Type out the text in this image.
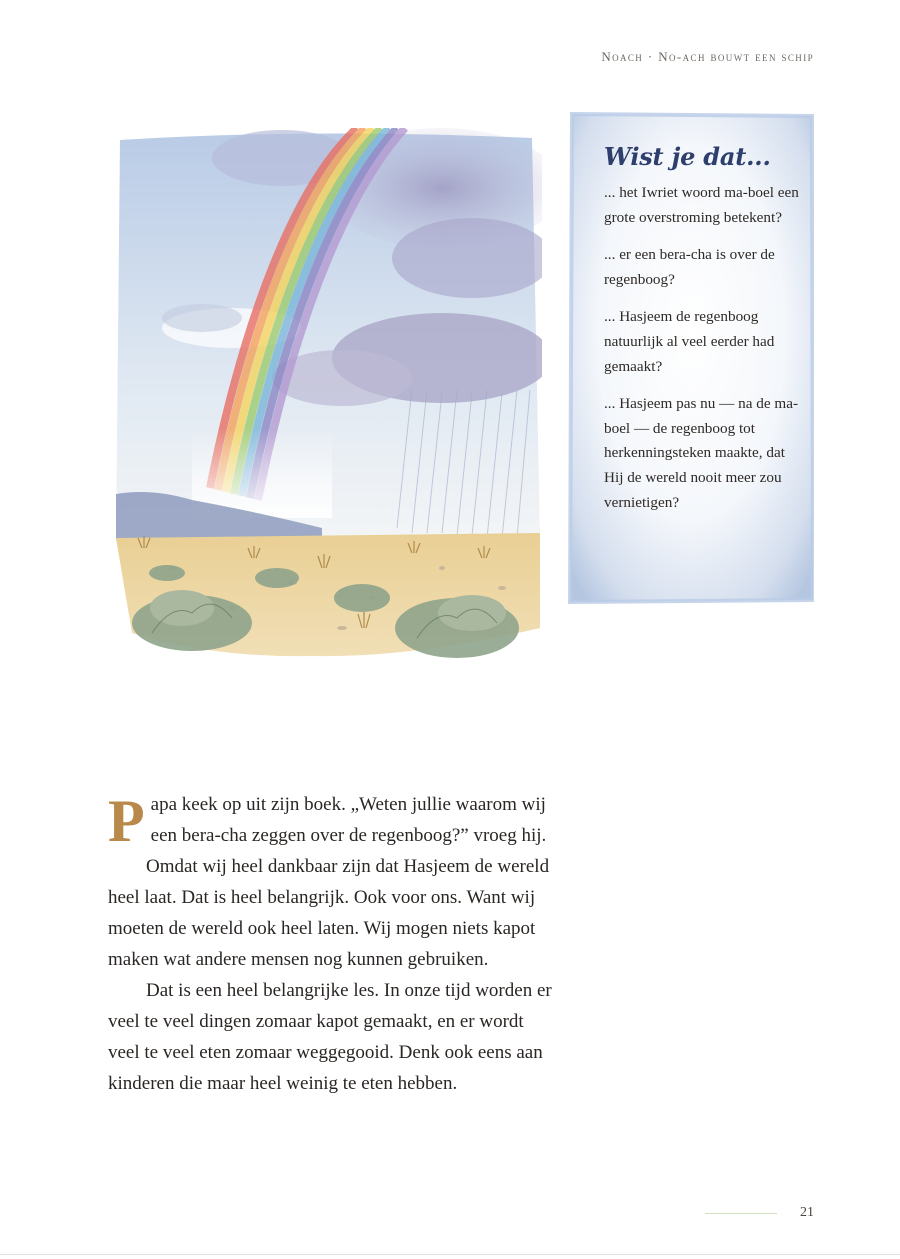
Noach · No-ach bouwt een schip
Wist je dat...
... het Iwriet woord ma-boel een grote overstroming betekent?
... er een bera-cha is over de regenboog?
... Hasjeem de regenboog natuurlijk al veel eerder had gemaakt?
... Hasjeem pas nu — na de ma-boel — de regenboog tot herkenningsteken maakte, dat Hij de wereld nooit meer zou vernietigen?

Papa keek op uit zijn boek. „Weten jullie waarom wij een bera-cha zeggen over de regenboog?” vroeg hij.

Omdat wij heel dankbaar zijn dat Hasjeem de wereld heel laat. Dat is heel belangrijk. Ook voor ons. Want wij moeten de wereld ook heel laten. Wij mogen niets kapot maken wat andere mensen nog kunnen gebruiken.

Dat is een heel belangrijke les. In onze tijd worden er veel te veel dingen zomaar kapot gemaakt, en er wordt veel te veel eten zomaar weggegooid. Denk ook eens aan kinderen die maar heel weinig te eten hebben.

21
